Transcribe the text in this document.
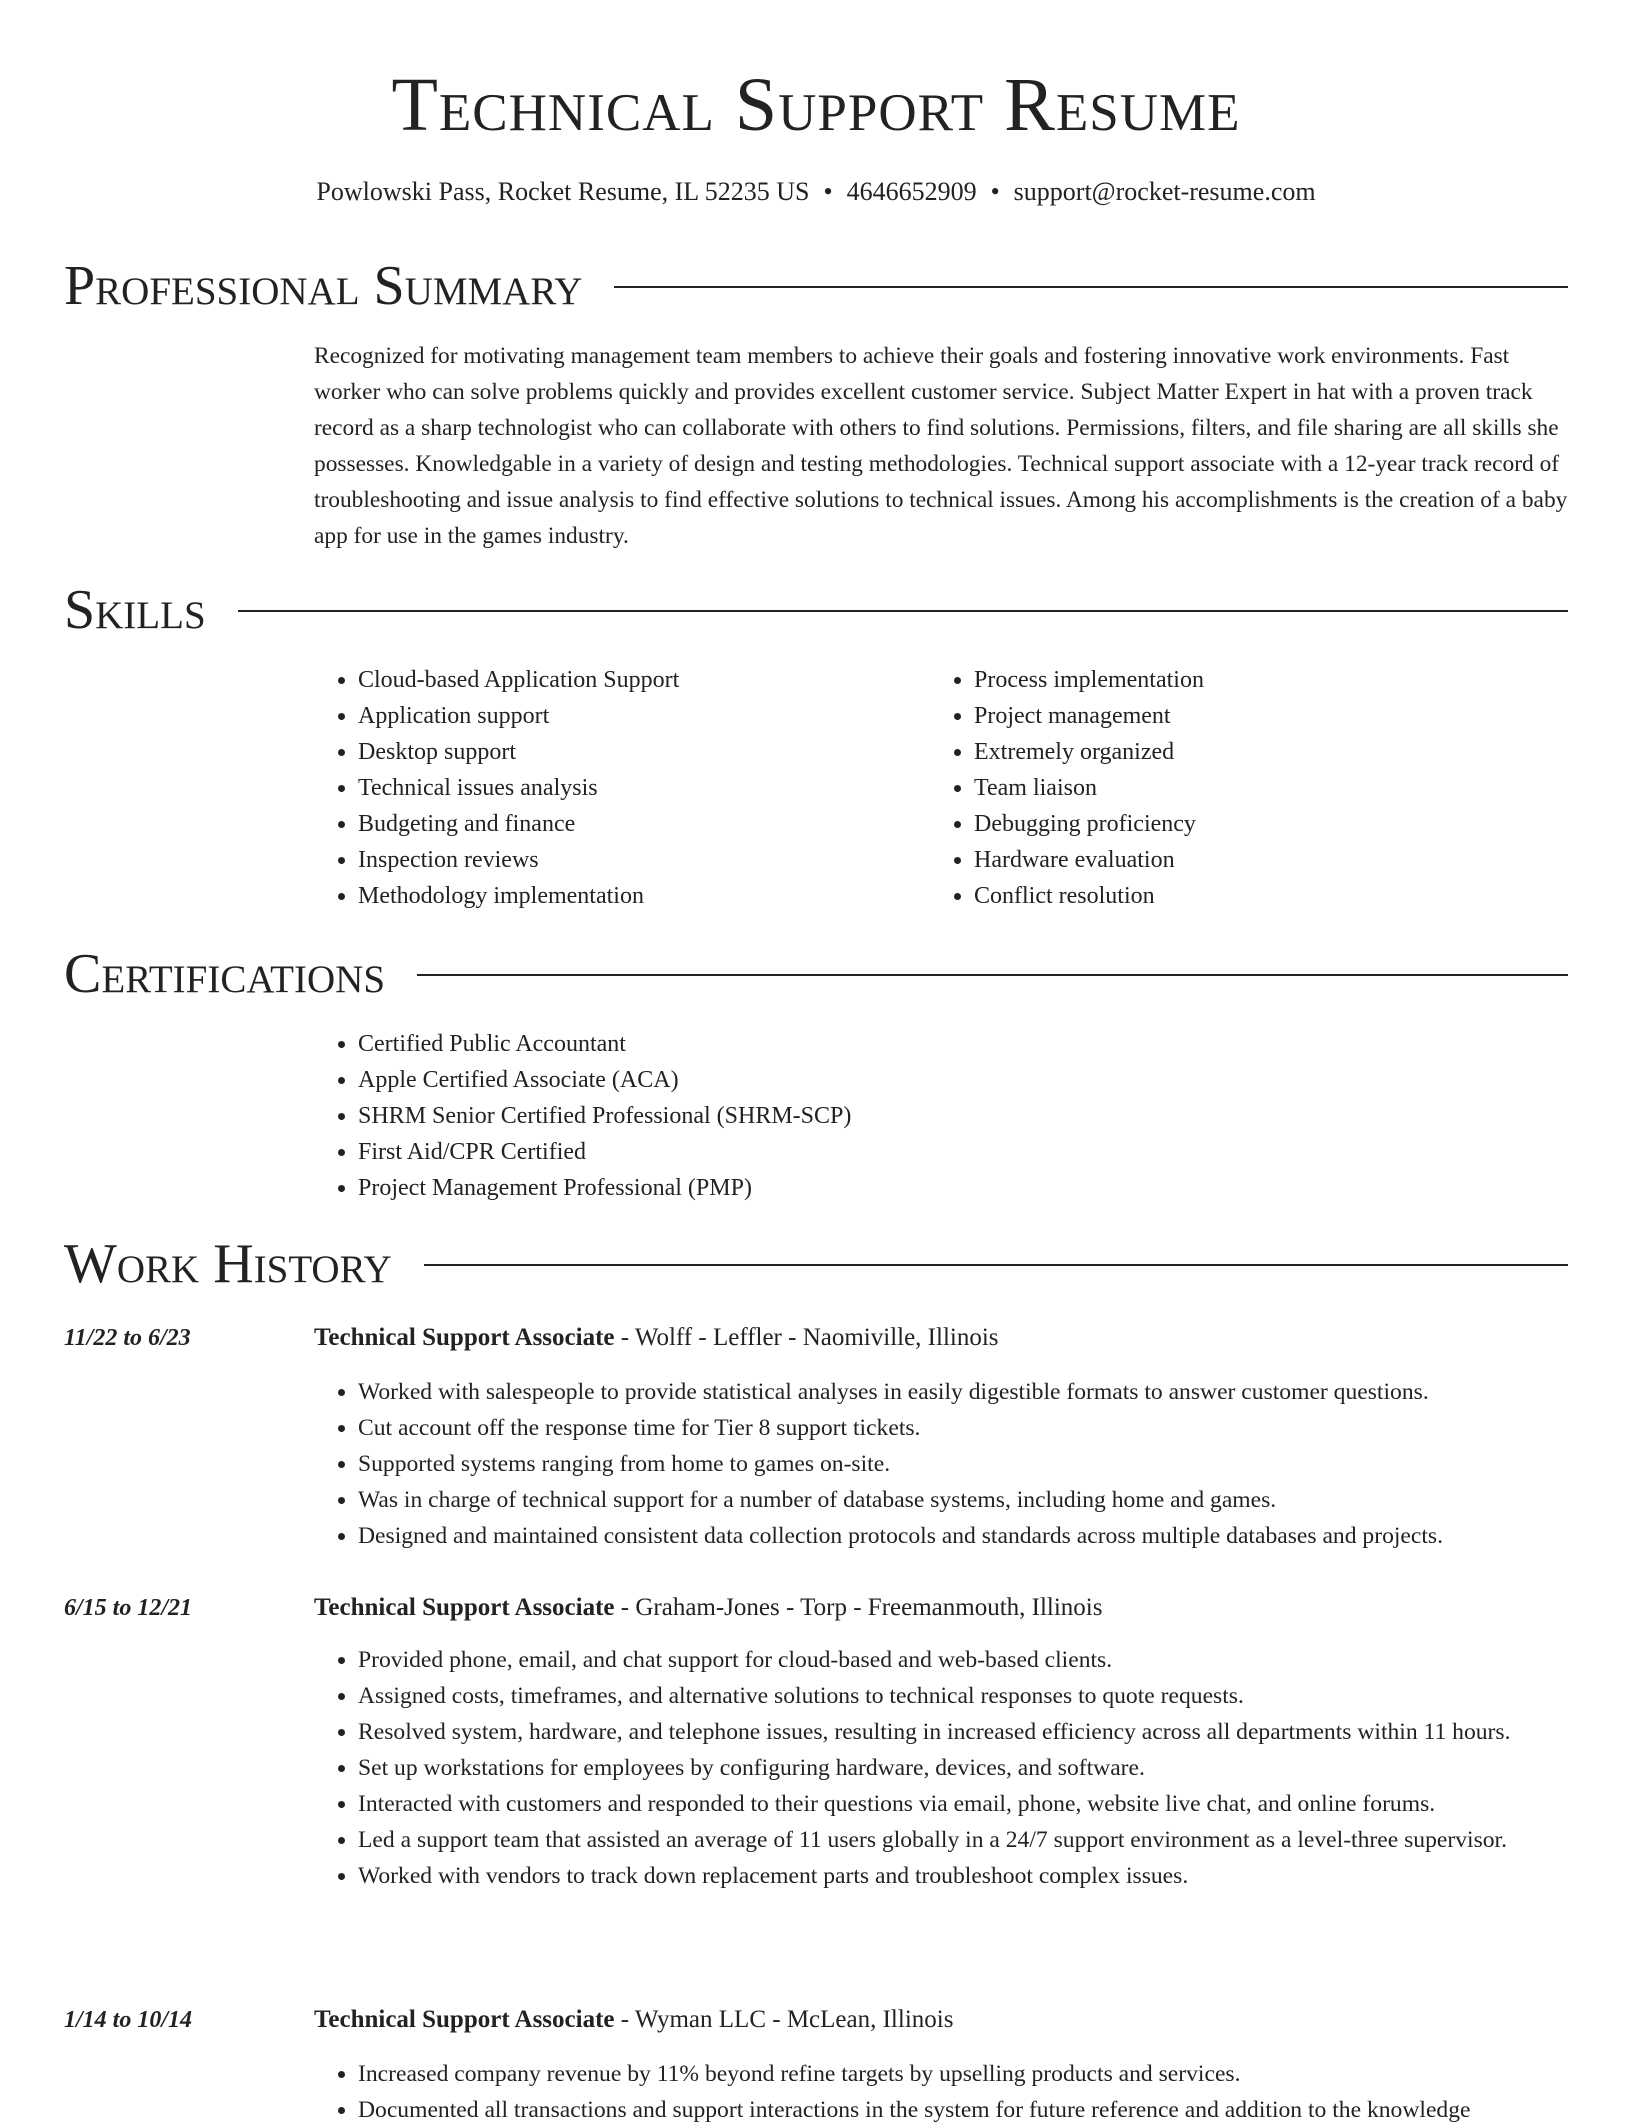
Technical Support Resume
Powlowski Pass, Rocket Resume, IL 52235 US • 4646652909 • support@rocket-resume.com
Professional Summary

Recognized for motivating management team members to achieve their goals and fostering innovative work environments. Fast worker who can solve problems quickly and provides excellent customer service. Subject Matter Expert in hat with a proven track record as a sharp technologist who can collaborate with others to find solutions. Permissions, filters, and file sharing are all skills she possesses. Knowledgable in a variety of design and testing methodologies. Technical support associate with a 12-year track record of troubleshooting and issue analysis to find effective solutions to technical issues. Among his accomplishments is the creation of a baby app for use in the games industry.

Skills
• Cloud-based Application Support
• Application support
• Desktop support
• Technical issues analysis
• Budgeting and finance
• Inspection reviews
• Methodology implementation
• Process implementation
• Project management
• Extremely organized
• Team liaison
• Debugging proficiency
• Hardware evaluation
• Conflict resolution
Certifications
• Certified Public Accountant
• Apple Certified Associate (ACA)
• SHRM Senior Certified Professional (SHRM-SCP)
• First Aid/CPR Certified
• Project Management Professional (PMP)
Work History
11/22 to 6/23	Technical Support Associate - Wolff - Leffler - Naomiville, Illinois
• Worked with salespeople to provide statistical analyses in easily digestible formats to answer customer questions.
• Cut account off the response time for Tier 8 support tickets.
• Supported systems ranging from home to games on-site.
• Was in charge of technical support for a number of database systems, including home and games.
• Designed and maintained consistent data collection protocols and standards across multiple databases and projects.
6/15 to 12/21	Technical Support Associate - Graham-Jones - Torp - Freemanmouth, Illinois
• Provided phone, email, and chat support for cloud-based and web-based clients.
• Assigned costs, timeframes, and alternative solutions to technical responses to quote requests.
• Resolved system, hardware, and telephone issues, resulting in increased efficiency across all departments within 11 hours.
• Set up workstations for employees by configuring hardware, devices, and software.
• Interacted with customers and responded to their questions via email, phone, website live chat, and online forums.
• Led a support team that assisted an average of 11 users globally in a 24/7 support environment as a level-three supervisor.
• Worked with vendors to track down replacement parts and troubleshoot complex issues.
1/14 to 10/14	Technical Support Associate - Wyman LLC - McLean, Illinois
• Increased company revenue by 11% beyond refine targets by upselling products and services.
• Documented all transactions and support interactions in the system for future reference and addition to the knowledge
